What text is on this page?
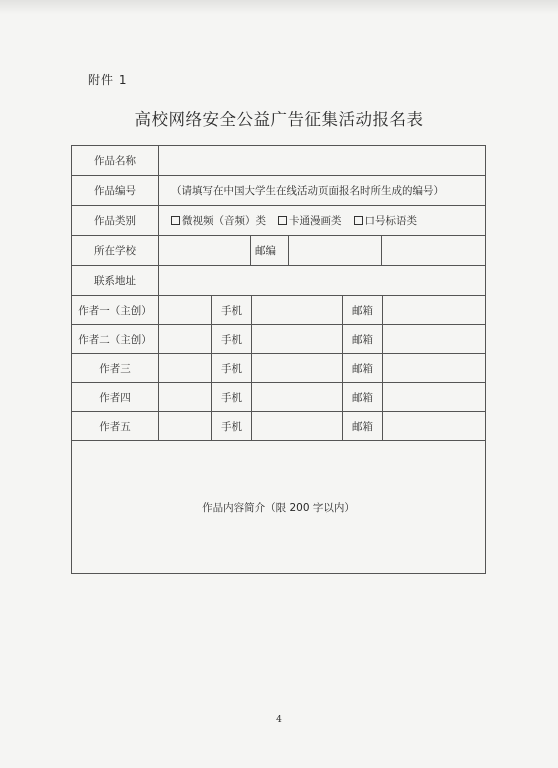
附件 1
高校网络安全公益广告征集活动报名表
作品名称
作品编号	（请填写在中国大学生在线活动页面报名时所生成的编号）
作品类别	微视频（音频）类	卡通漫画类	口号标语类
所在学校	邮编
联系地址
作者一（主创）	手机	邮箱
作者二（主创）	手机	邮箱
作者三	手机	邮箱
作者四	手机	邮箱
作者五	手机	邮箱
作品内容简介（限 200 字以内）
4
